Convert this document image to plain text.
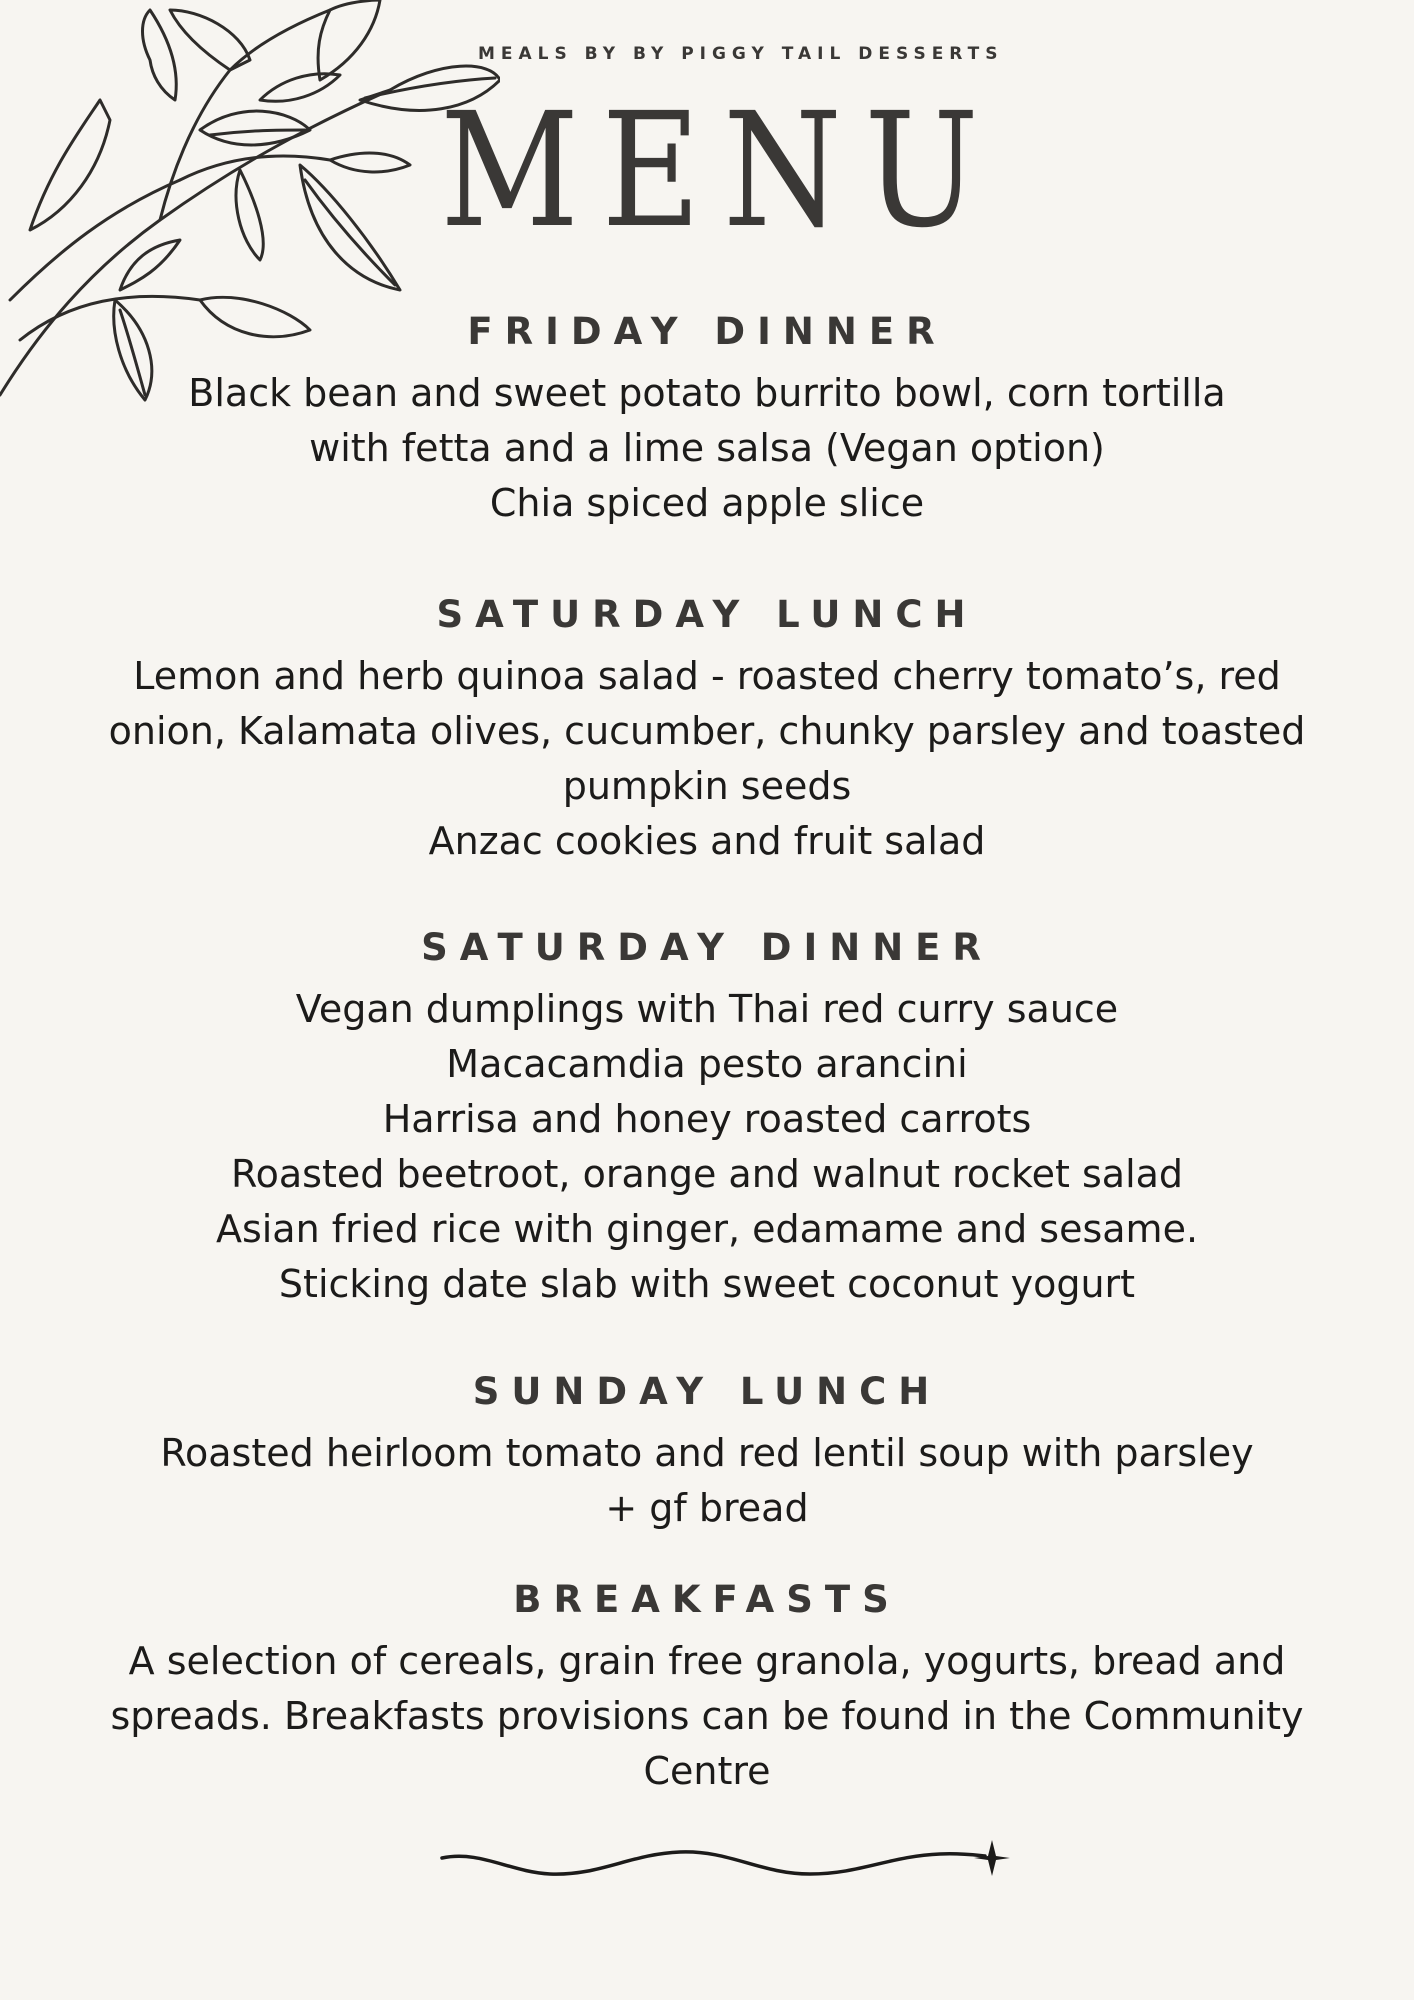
MEALS BY BY PIGGY TAIL DESSERTS
MENU

FRIDAY DINNER

Black bean and sweet potato burrito bowl, corn tortilla

with fetta and a lime salsa (Vegan option)

Chia spiced apple slice

SATURDAY LUNCH

Lemon and herb quinoa salad - roasted cherry tomato’s, red

onion, Kalamata olives, cucumber, chunky parsley and toasted

pumpkin seeds

Anzac cookies and fruit salad

SATURDAY DINNER

Vegan dumplings with Thai red curry sauce

Macacamdia pesto arancini

Harrisa and honey roasted carrots

Roasted beetroot, orange and walnut rocket salad

Asian fried rice with ginger, edamame and sesame.

Sticking date slab with sweet coconut yogurt

SUNDAY LUNCH

Roasted heirloom tomato and red lentil soup with parsley

+ gf bread

BREAKFASTS

A selection of cereals, grain free granola, yogurts, bread and

spreads. Breakfasts provisions can be found in the Community

Centre
